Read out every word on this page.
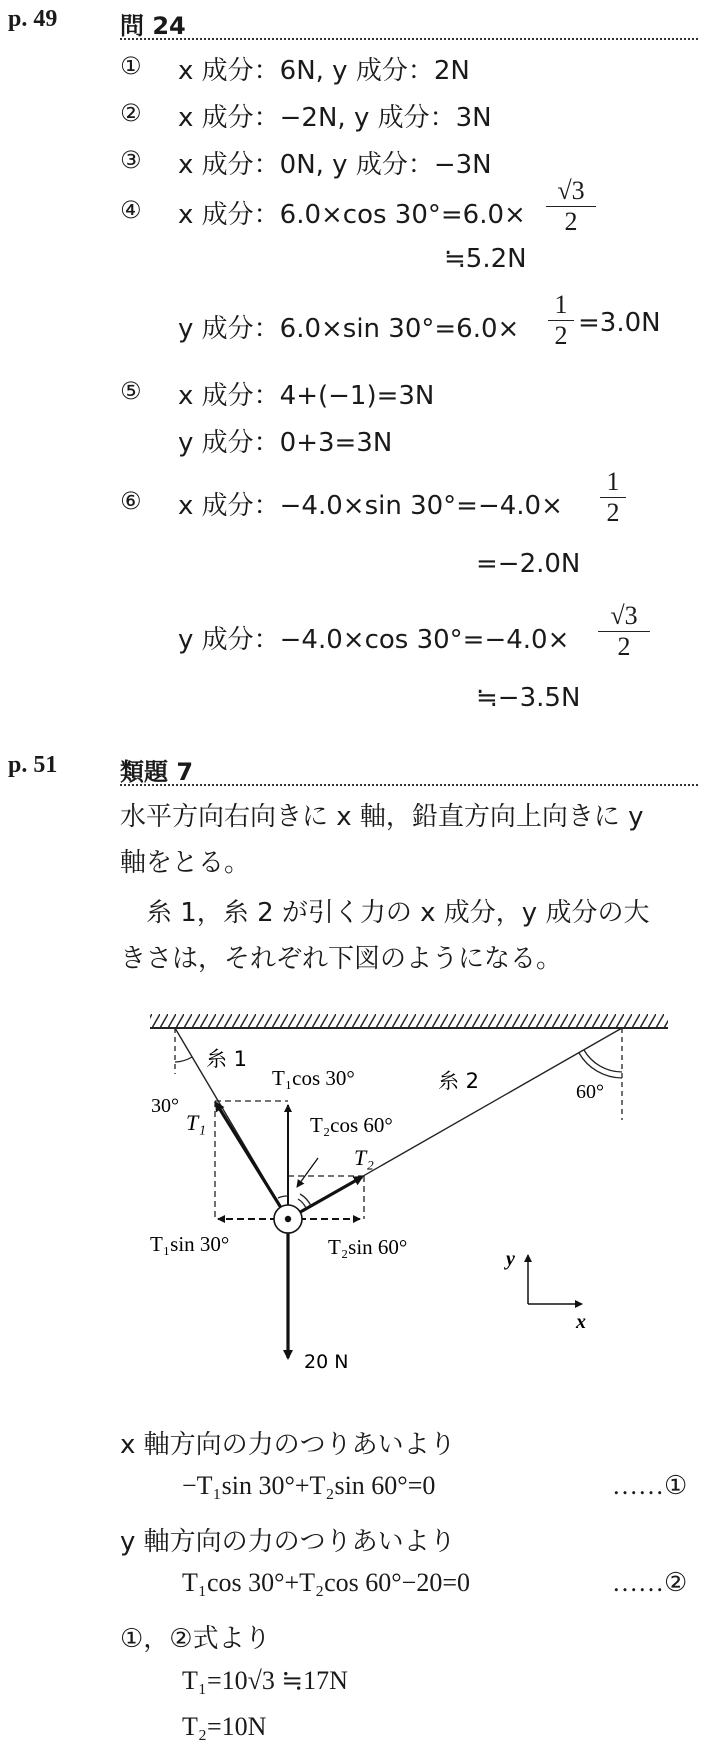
p. 49	問 24
① x 成分：6N, y 成分：2N
② x 成分：−2N, y 成分：3N
③ x 成分：0N, y 成分：−3N
④ x 成分：6.0×cos $30^\circ=6.0\times \frac{√3}{2}$
≒5.2N
y 成分：6.0×sin $30^\circ=6.0\times \frac{1}{2} =3.0N$
⑤ x 成分：4+(−1)=3N
y 成分：0+3=3N
⑥ x 成分：−4.0×sin $30^\circ=-4.0\times \frac{1}{2}$
=−2.0N
y 成分：−4.0×cos $30^\circ=-4.0\times \frac{√3}{2}$
≒−3.5N
p. 51	類題 7
水平方向右向きに x 軸，鉛直方向上向きに y
軸をとる。
糸 1，糸 2 が引く力の x 成分，y 成分の大
きさは，それぞれ下図のようになる。
糸 1
糸 2
30°
60°
T₁
T₂
T₁cos 30°
T₂cos 60°
T₁sin 30°	T₂sin 60°
20 N
y
x
x 軸方向の力のつりあいより
−T₁sin 30°+T₂sin 60°=0	……①
y 軸方向の力のつりあいより
T₁cos 30°+T₂cos 60°−20=0	……②
①，②式より
T₁=10√3 ≒17N
T₂=10N
